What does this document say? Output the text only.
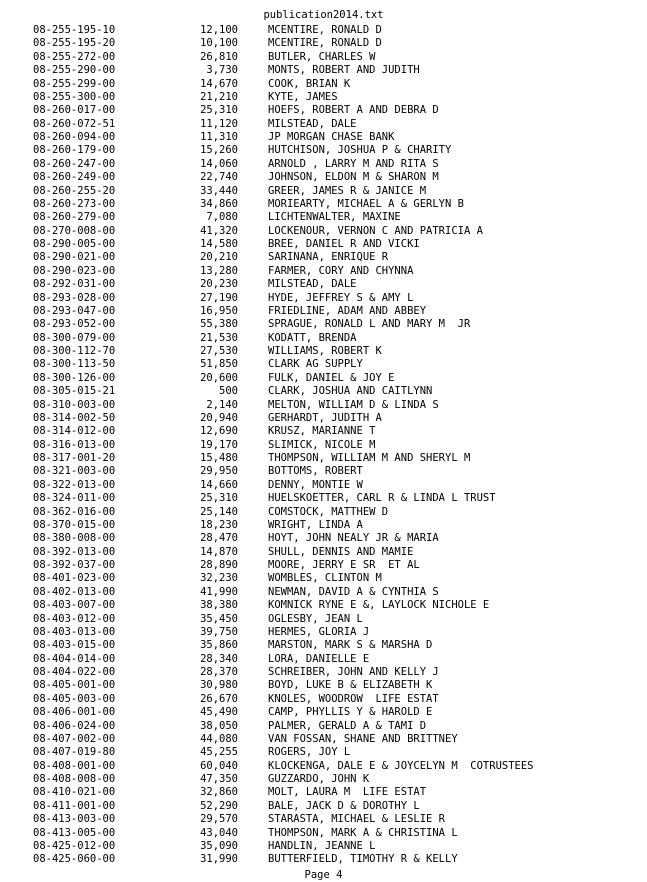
publication2014.txt
08-255-195-10	12,100	MCENTIRE, RONALD D
08-255-195-20	10,100	MCENTIRE, RONALD D
08-255-272-00	26,810	BUTLER, CHARLES W
08-255-290-00	3,730	MONTS, ROBERT AND JUDITH
08-255-299-00	14,670	COOK, BRIAN K
08-255-300-00	21,210	KYTE, JAMES
08-260-017-00	25,310	HOEFS, ROBERT A AND DEBRA D
08-260-072-51	11,120	MILSTEAD, DALE
08-260-094-00	11,310	JP MORGAN CHASE BANK
08-260-179-00	15,260	HUTCHISON, JOSHUA P & CHARITY
08-260-247-00	14,060	ARNOLD , LARRY M AND RITA S
08-260-249-00	22,740	JOHNSON, ELDON M & SHARON M
08-260-255-20	33,440	GREER, JAMES R & JANICE M
08-260-273-00	34,860	MORIEARTY, MICHAEL A & GERLYN B
08-260-279-00	7,080	LICHTENWALTER, MAXINE
08-270-008-00	41,320	LOCKENOUR, VERNON C AND PATRICIA A
08-290-005-00	14,580	BREE, DANIEL R AND VICKI
08-290-021-00	20,210	SARINANA, ENRIQUE R
08-290-023-00	13,280	FARMER, CORY AND CHYNNA
08-292-031-00	20,230	MILSTEAD, DALE
08-293-028-00	27,190	HYDE, JEFFREY S & AMY L
08-293-047-00	16,950	FRIEDLINE, ADAM AND ABBEY
08-293-052-00	55,380	SPRAGUE, RONALD L AND MARY M  JR
08-300-079-00	21,530	KODATT, BRENDA
08-300-112-70	27,530	WILLIAMS, ROBERT K
08-300-113-50	51,850	CLARK AG SUPPLY
08-300-126-00	20,600	FULK, DANIEL & JOY E
08-305-015-21	500	CLARK, JOSHUA AND CAITLYNN
08-310-003-00	2,140	MELTON, WILLIAM D & LINDA S
08-314-002-50	20,940	GERHARDT, JUDITH A
08-314-012-00	12,690	KRUSZ, MARIANNE T
08-316-013-00	19,170	SLIMICK, NICOLE M
08-317-001-20	15,480	THOMPSON, WILLIAM M AND SHERYL M
08-321-003-00	29,950	BOTTOMS, ROBERT
08-322-013-00	14,660	DENNY, MONTIE W
08-324-011-00	25,310	HUELSKOETTER, CARL R & LINDA L TRUST
08-362-016-00	25,140	COMSTOCK, MATTHEW D
08-370-015-00	18,230	WRIGHT, LINDA A
08-380-008-00	28,470	HOYT, JOHN NEALY JR & MARIA
08-392-013-00	14,870	SHULL, DENNIS AND MAMIE
08-392-037-00	28,890	MOORE, JERRY E SR  ET AL
08-401-023-00	32,230	WOMBLES, CLINTON M
08-402-013-00	41,990	NEWMAN, DAVID A & CYNTHIA S
08-403-007-00	38,380	KOMNICK RYNE E &, LAYLOCK NICHOLE E
08-403-012-00	35,450	OGLESBY, JEAN L
08-403-013-00	39,750	HERMES, GLORIA J
08-403-015-00	35,860	MARSTON, MARK S & MARSHA D
08-404-014-00	28,340	LORA, DANIELLE E
08-404-022-00	28,370	SCHREIBER, JOHN AND KELLY J
08-405-001-00	30,980	BOYD, LUKE B & ELIZABETH K
08-405-003-00	26,670	KNOLES, WOODROW  LIFE ESTAT
08-406-001-00	45,490	CAMP, PHYLLIS Y & HAROLD E
08-406-024-00	38,050	PALMER, GERALD A & TAMI D
08-407-002-00	44,080	VAN FOSSAN, SHANE AND BRITTNEY
08-407-019-80	45,255	ROGERS, JOY L
08-408-001-00	60,040	KLOCKENGA, DALE E & JOYCELYN M  COTRUSTEES
08-408-008-00	47,350	GUZZARDO, JOHN K
08-410-021-00	32,860	MOLT, LAURA M  LIFE ESTAT
08-411-001-00	52,290	BALE, JACK D & DOROTHY L
08-413-003-00	29,570	STARASTA, MICHAEL & LESLIE R
08-413-005-00	43,040	THOMPSON, MARK A & CHRISTINA L
08-425-012-00	35,090	HANDLIN, JEANNE L
08-425-060-00	31,990	BUTTERFIELD, TIMOTHY R & KELLY
Page 4
